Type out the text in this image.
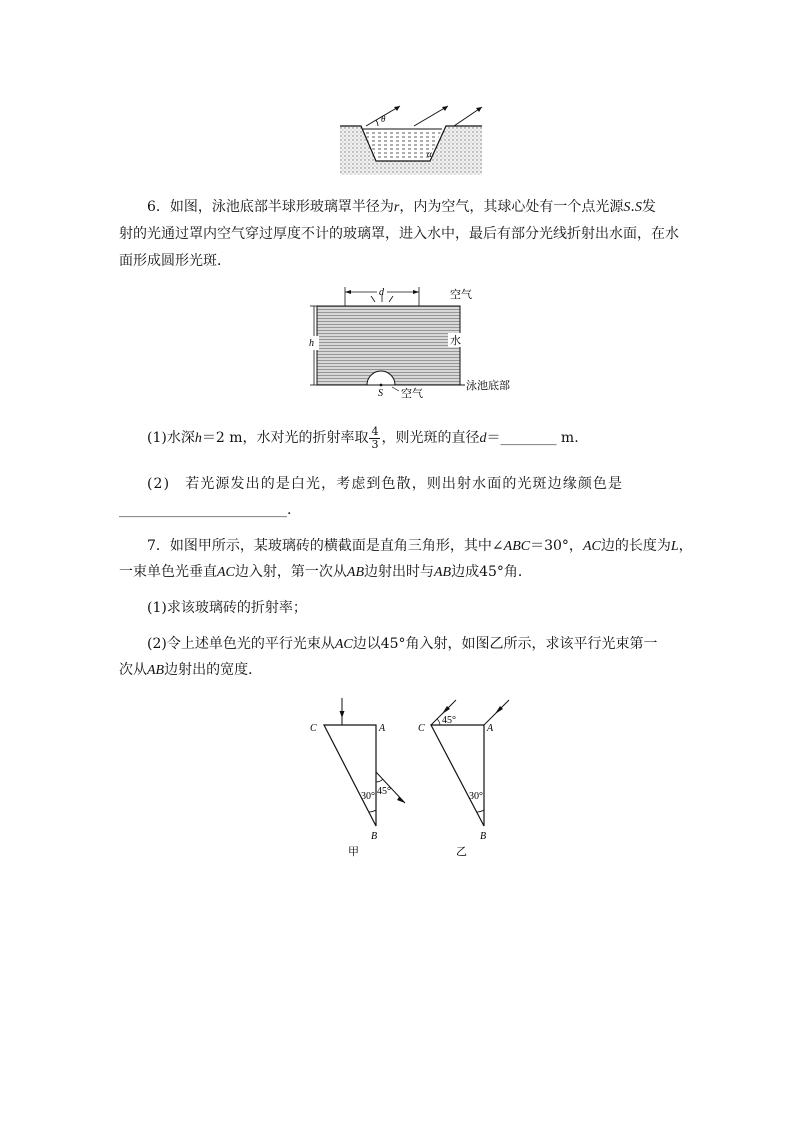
θ
α
6．如图，泳池底部半球形玻璃罩半径为r，内为空气，其球心处有一个点光源S.S发
射的光通过罩内空气穿过厚度不计的玻璃罩，进入水中，最后有部分光线折射出水面，在水
面形成圆形光斑．
d
h
空气
水
S 空气
泳池底部
(1)水深h＝2 m，水对光的折射率取 $\frac{4}{3}$ ，则光斑的直径d＝________ m.
(2)　若光源发出的是白光，考虑到色散，则出射水面的光斑边缘颜色是
________________________.
7．如图甲所示，某玻璃砖的横截面是直角三角形，其中∠ABC＝30°，AC边的长度为L，
一束单色光垂直AC边入射，第一次从AB边射出时与AB边成45°角．
(1)求该玻璃砖的折射率；
(2)令上述单色光的平行光束从AC边以45°角入射，如图乙所示，求该平行光束第一
次从AB边射出的宽度．
30° 45°
C	A
B
甲
45°
30°
C	A
B
乙
